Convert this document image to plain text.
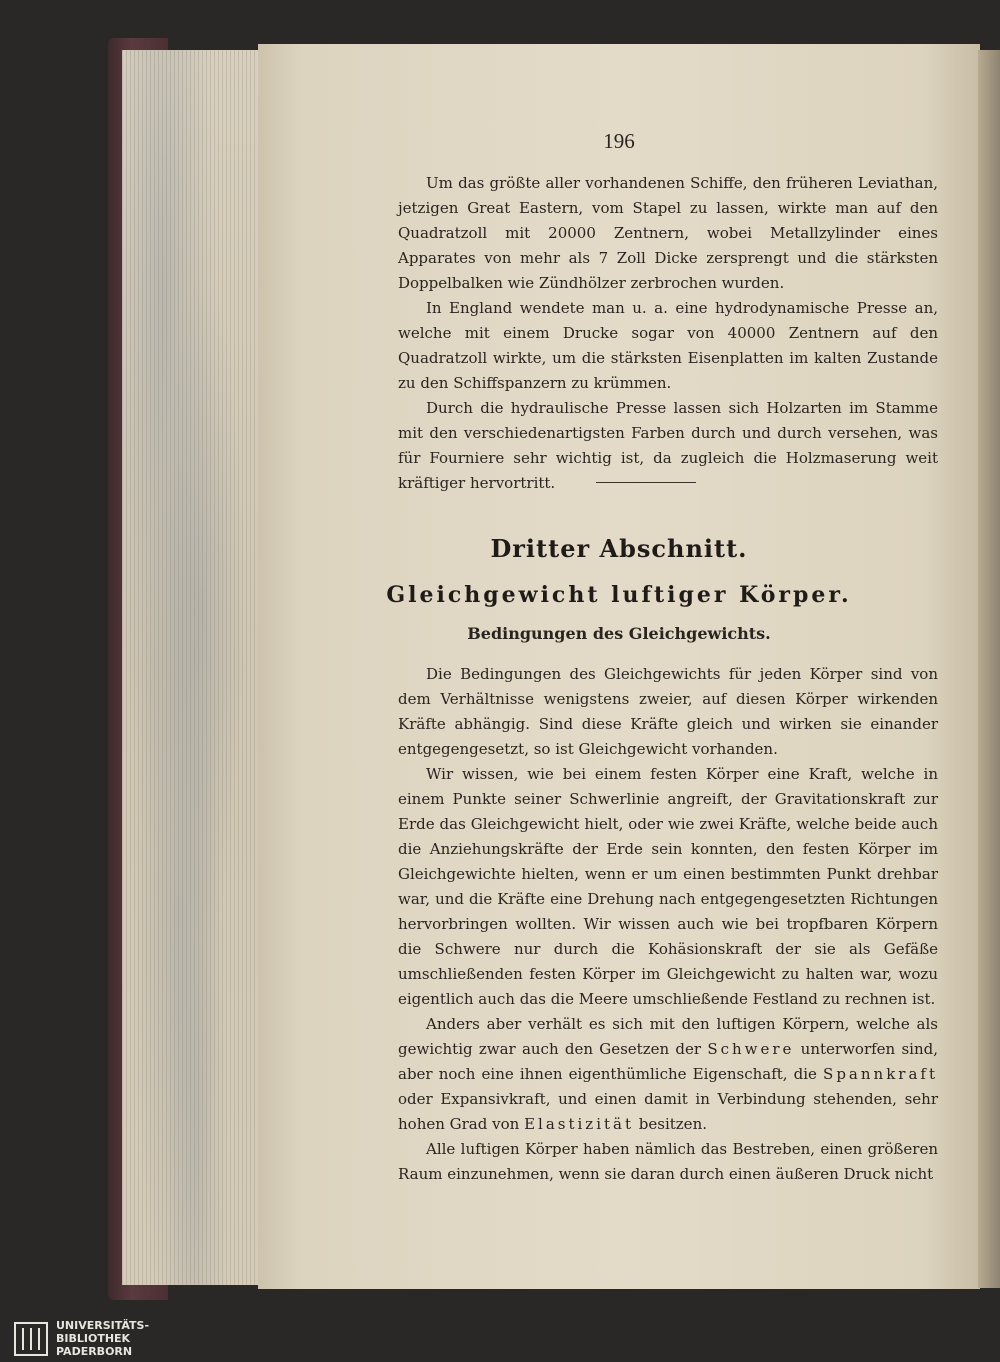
196

Um das größte aller vorhandenen Schiffe, den früheren Leviathan, jetzigen Great Eastern, vom Stapel zu lassen, wirkte man auf den Quadratzoll mit 20000 Zentnern, wobei Metallzylinder eines Apparates von mehr als 7 Zoll Dicke zersprengt und die stärksten Doppelbalken wie Zündhölzer zerbrochen wurden.

In England wendete man u. a. eine hydrodynamische Presse an, welche mit einem Drucke sogar von 40000 Zentnern auf den Quadratzoll wirkte, um die stärksten Eisenplatten im kalten Zustande zu den Schiffspanzern zu krümmen.

Durch die hydraulische Presse lassen sich Holzarten im Stamme mit den verschiedenartigsten Farben durch und durch versehen, was für Fourniere sehr wichtig ist, da zugleich die Holzmaserung weit kräftiger hervortritt.

Dritter Abschnitt.
Gleichgewicht luftiger Körper.
Bedingungen des Gleichgewichts.

Die Bedingungen des Gleichgewichts für jeden Körper sind von dem Verhältnisse wenigstens zweier, auf diesen Körper wirkenden Kräfte abhängig. Sind diese Kräfte gleich und wirken sie einander entgegengesetzt, so ist Gleichgewicht vorhanden.

Wir wissen, wie bei einem festen Körper eine Kraft, welche in einem Punkte seiner Schwerlinie angreift, der Gravitationskraft zur Erde das Gleichgewicht hielt, oder wie zwei Kräfte, welche beide auch die Anziehungskräfte der Erde sein konnten, den festen Körper im Gleichgewichte hielten, wenn er um einen bestimmten Punkt drehbar war, und die Kräfte eine Drehung nach entgegengesetzten Richtungen hervorbringen wollten. Wir wissen auch wie bei tropfbaren Körpern die Schwere nur durch die Kohäsionskraft der sie als Gefäße umschließenden festen Körper im Gleichgewicht zu halten war, wozu eigentlich auch das die Meere umschließende Festland zu rechnen ist.

Anders aber verhält es sich mit den luftigen Körpern, welche als gewichtig zwar auch den Gesetzen der Schwere unterworfen sind, aber noch eine ihnen eigenthümliche Eigenschaft, die Spannkraft oder Expansivkraft, und einen damit in Verbindung stehenden, sehr hohen Grad von Elastizität besitzen.

Alle luftigen Körper haben nämlich das Bestreben, einen größeren Raum einzunehmen, wenn sie daran durch einen äußeren Druck nicht

UNIVERSITÄTS-
BIBLIOTHEK
PADERBORN
